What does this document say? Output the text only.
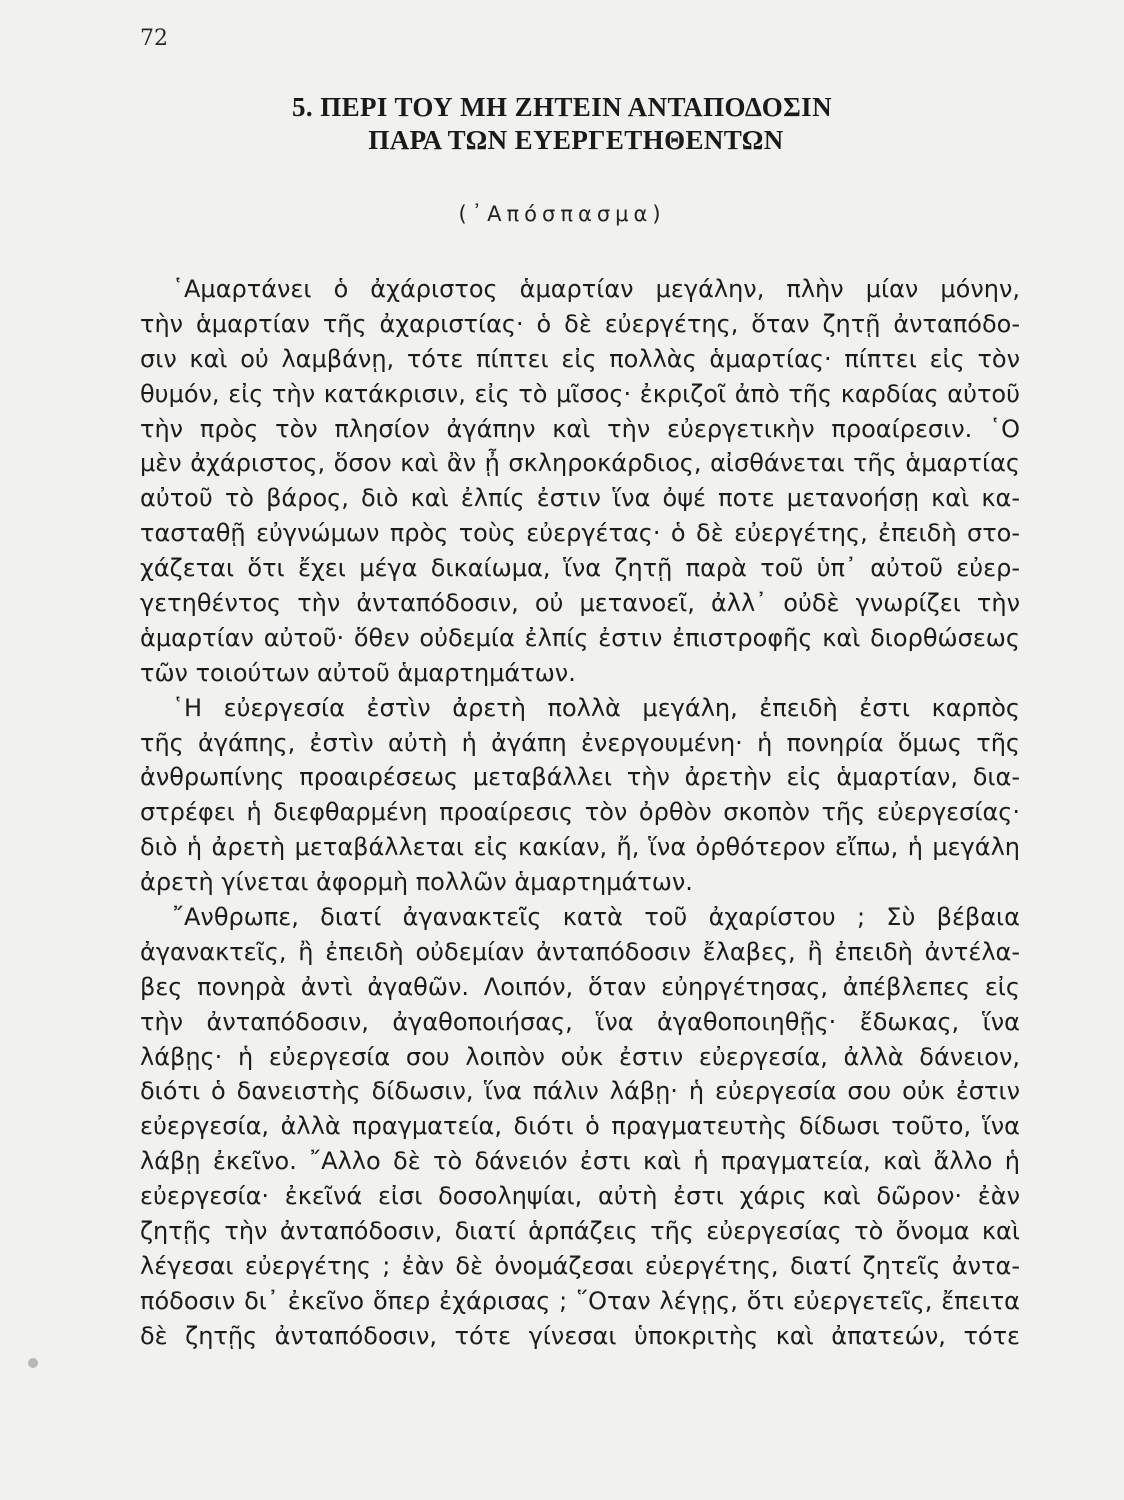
72
5. ΠΕΡΙ ΤΟΥ ΜΗ ΖΗΤΕΙΝ ΑΝΤΑΠΟΔΟΣΙΝ
ΠΑΡΑ ΤΩΝ ΕΥΕΡΓΕΤΗΘΕΝΤΩΝ
(᾿Απόσπασμα)
῾Αμαρτάνει ὁ ἀχάριστος ἁμαρτίαν μεγάλην, πλὴν μίαν μόνην,
τὴν ἁμαρτίαν τῆς ἀχαριστίας· ὁ δὲ εὐεργέτης, ὅταν ζητῇ ἀνταπόδο-
σιν καὶ οὐ λαμβάνῃ, τότε πίπτει εἰς πολλὰς ἁμαρτίας· πίπτει εἰς τὸν
θυμόν, εἰς τὴν κατάκρισιν, εἰς τὸ μῖσος· ἐκριζοῖ ἀπὸ τῆς καρδίας αὐτοῦ
τὴν πρὸς τὸν πλησίον ἀγάπην καὶ τὴν εὐεργετικὴν προαίρεσιν. ῾Ο
μὲν ἀχάριστος, ὅσον καὶ ἂν ᾖ σκληροκάρδιος, αἰσθάνεται τῆς ἁμαρτίας
αὐτοῦ τὸ βάρος, διὸ καὶ ἐλπίς ἐστιν ἵνα ὀψέ ποτε μετανοήσῃ καὶ κα-
τασταθῇ εὐγνώμων πρὸς τοὺς εὐεργέτας· ὁ δὲ εὐεργέτης, ἐπειδὴ στο-
χάζεται ὅτι ἔχει μέγα δικαίωμα, ἵνα ζητῇ παρὰ τοῦ ὑπ᾿ αὐτοῦ εὐερ-
γετηθέντος τὴν ἀνταπόδοσιν, οὐ μετανοεῖ, ἀλλ᾿ οὐδὲ γνωρίζει τὴν
ἁμαρτίαν αὐτοῦ· ὅθεν οὐδεμία ἐλπίς ἐστιν ἐπιστροφῆς καὶ διορθώσεως
τῶν τοιούτων αὐτοῦ ἁμαρτημάτων.
῾Η εὐεργεσία ἐστὶν ἀρετὴ πολλὰ μεγάλη, ἐπειδὴ ἐστι καρπὸς
τῆς ἀγάπης, ἐστὶν αὐτὴ ἡ ἀγάπη ἐνεργουμένη· ἡ πονηρία ὅμως τῆς
ἀνθρωπίνης προαιρέσεως μεταβάλλει τὴν ἀρετὴν εἰς ἁμαρτίαν, δια-
στρέφει ἡ διεφθαρμένη προαίρεσις τὸν ὀρθὸν σκοπὸν τῆς εὐεργεσίας·
διὸ ἡ ἀρετὴ μεταβάλλεται εἰς κακίαν, ἤ, ἵνα ὀρθότερον εἴπω, ἡ μεγάλη
ἀρετὴ γίνεται ἀφορμὴ πολλῶν ἁμαρτημάτων.
῎Ανθρωπε, διατί ἀγανακτεῖς κατὰ τοῦ ἀχαρίστου ; Σὺ βέβαια
ἀγανακτεῖς, ἢ ἐπειδὴ οὐδεμίαν ἀνταπόδοσιν ἔλαβες, ἢ ἐπειδὴ ἀντέλα-
βες πονηρὰ ἀντὶ ἀγαθῶν. Λοιπόν, ὅταν εὐηργέτησας, ἀπέβλεπες εἰς
τὴν ἀνταπόδοσιν, ἀγαθοποιήσας, ἵνα ἀγαθοποιηθῇς· ἔδωκας, ἵνα
λάβῃς· ἡ εὐεργεσία σου λοιπὸν οὐκ ἐστιν εὐεργεσία, ἀλλὰ δάνειον,
διότι ὁ δανειστὴς δίδωσιν, ἵνα πάλιν λάβῃ· ἡ εὐεργεσία σου οὐκ ἐστιν
εὐεργεσία, ἀλλὰ πραγματεία, διότι ὁ πραγματευτὴς δίδωσι τοῦτο, ἵνα
λάβῃ ἐκεῖνο. ῎Αλλο δὲ τὸ δάνειόν ἐστι καὶ ἡ πραγματεία, καὶ ἄλλο ἡ
εὐεργεσία· ἐκεῖνά εἰσι δοσοληψίαι, αὐτὴ ἐστι χάρις καὶ δῶρον· ἐὰν
ζητῇς τὴν ἀνταπόδοσιν, διατί ἁρπάζεις τῆς εὐεργεσίας τὸ ὄνομα καὶ
λέγεσαι εὐεργέτης ; ἐὰν δὲ ὀνομάζεσαι εὐεργέτης, διατί ζητεῖς ἀντα-
πόδοσιν δι᾿ ἐκεῖνο ὅπερ ἐχάρισας ; ῞Οταν λέγῃς, ὅτι εὐεργετεῖς, ἔπειτα
δὲ ζητῇς ἀνταπόδοσιν, τότε γίνεσαι ὑποκριτὴς καὶ ἀπατεών, τότε
